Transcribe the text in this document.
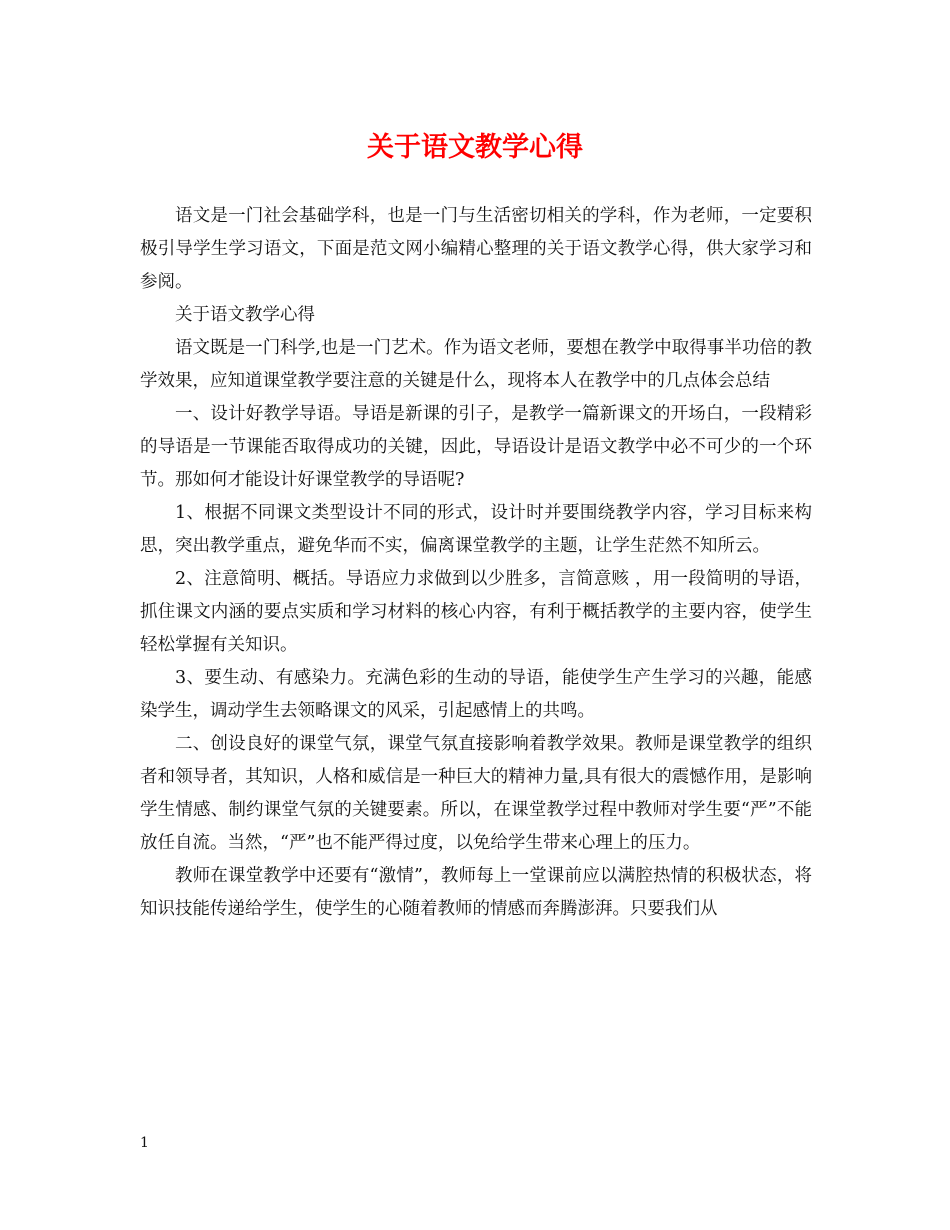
关于语文教学心得

语文是一门社会基础学科，也是一门与生活密切相关的学科，作为老师，一定要积极引导学生学习语文，下面是范文网小编精心整理的关于语文教学心得，供大家学习和参阅。

关于语文教学心得

语文既是一门科学,也是一门艺术。作为语文老师，要想在教学中取得事半功倍的教学效果，应知道课堂教学要注意的关键是什么，现将本人在教学中的几点体会总结

一、设计好教学导语。导语是新课的引子，是教学一篇新课文的开场白，一段精彩的导语是一节课能否取得成功的关键，因此，导语设计是语文教学中必不可少的一个环节。那如何才能设计好课堂教学的导语呢?

1、根据不同课文类型设计不同的形式，设计时并要围绕教学内容，学习目标来构思，突出教学重点，避免华而不实，偏离课堂教学的主题，让学生茫然不知所云。

2、注意简明、概括。导语应力求做到以少胜多，言简意赅 ，用一段简明的导语，抓住课文内涵的要点实质和学习材料的核心内容，有利于概括教学的主要内容，使学生轻松掌握有关知识。

3、要生动、有感染力。充满色彩的生动的导语，能使学生产生学习的兴趣，能感染学生，调动学生去领略课文的风采，引起感情上的共鸣。

二、创设良好的课堂气氛，课堂气氛直接影响着教学效果。教师是课堂教学的组织者和领导者，其知识，人格和威信是一种巨大的精神力量,具有很大的震憾作用，是影响学生情感、制约课堂气氛的关键要素。所以，在课堂教学过程中教师对学生要“严”不能放任自流。当然，“严”也不能严得过度，以免给学生带来心理上的压力。

教师在课堂教学中还要有“激情”，教师每上一堂课前应以满腔热情的积极状态，将知识技能传递给学生，使学生的心随着教师的情感而奔腾澎湃。只要我们从

1
